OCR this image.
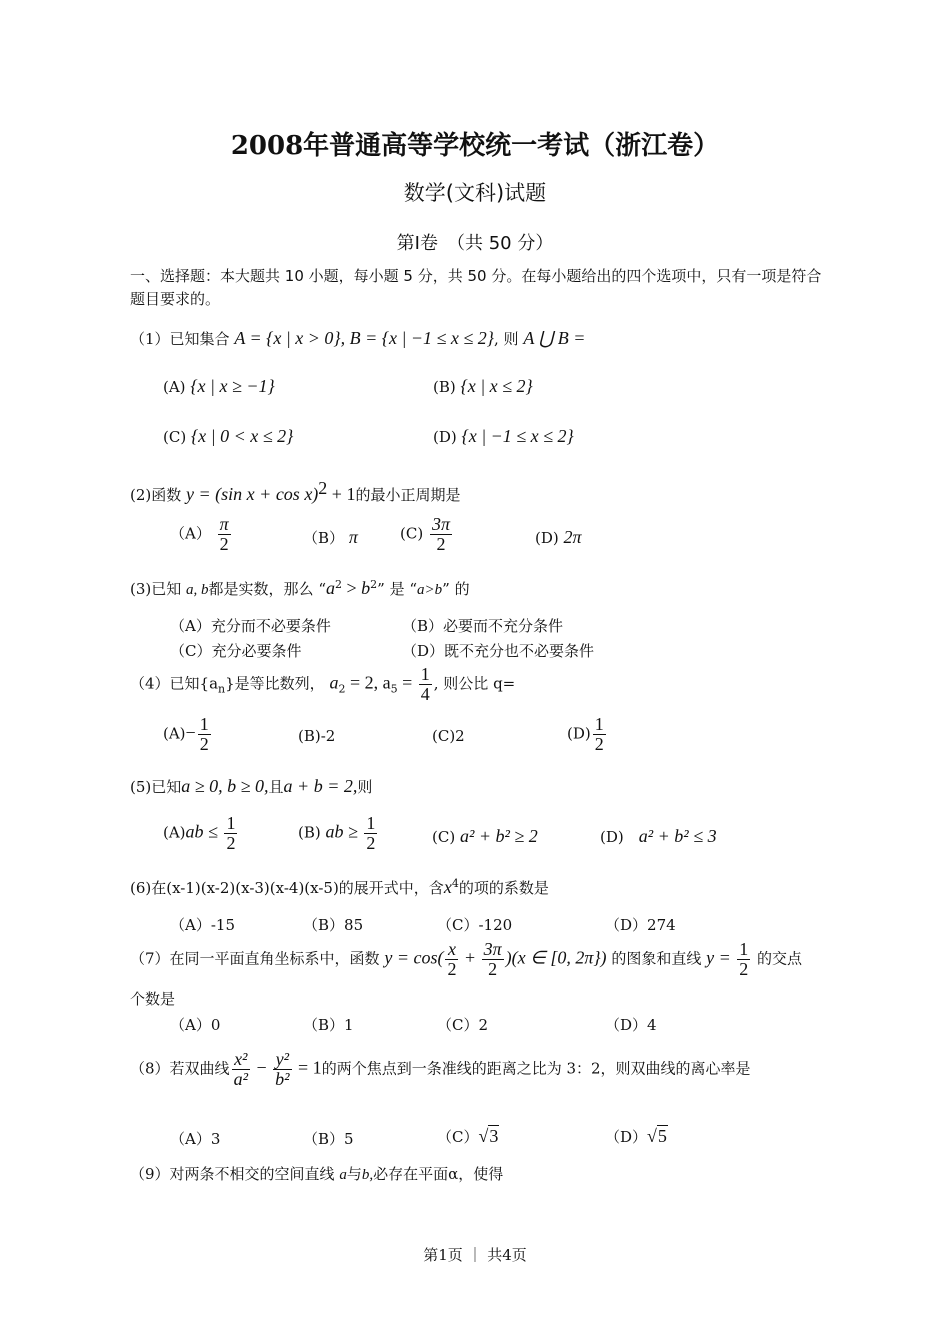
2008年普通高等学校统一考试（浙江卷）
数学(文科)试题
第Ⅰ卷　（共 50 分）
一、选择题：本大题共 10 小题，每小题 5 分，共 50 分。在每小题给出的四个选项中，只有一项是符合题目要求的。
（1）已知集合 A = {x | x > 0}, B = {x | −1 ≤ x ≤ 2}, 则 A ⋃ B =
(A) {x | x ≥ −1}	(B) {x | x ≤ 2}
(C) {x | 0 < x ≤ 2}	(D) {x | −1 ≤ x ≤ 2}
(2)函数 y = (sin x + cos x)$^2$ + 1的最小正周期是
$(A) \frac{\pi}{2}$	（B） π	$(C) \frac{3\pi}{2}$	(D) 2π
(3)已知 a, b都是实数，那么 “$a^2 > b^2$” 是 “a>b” 的
（A）充分而不必要条件	（B）必要而不充分条件
（C）充分必要条件	（D）既不充分也不必要条件
（4）已知$\{a_n\}$是等比数列， $a_2 = 2$, $a_5 = \frac{1}{4}$ , 则公比 q=
$(A)- \frac{1}{2}$	(B)-2	(C)2	$(D) \frac{1}{2}$
(5)已知a ≥ 0, b ≥ 0,且a + b = 2,则
$(A)ab \le \frac{1}{2}$	(B) ab ≥ $\frac{1}{2}$	(C) a² + b² ≥ 2	(D)　 a² + b² ≤ 3
(6)在(x-1)(x-2)(x-3)(x-4)(x-5)的展开式中，含$x^4$的项的系数是
（A）-15	（B）85	（C）-120	（D）274
（7）在同一平面直角坐标系中，函数 $y = \cos( \frac{x}{2} + \frac{3\pi}{2} )(x$ ∈ [0, 2π}) 的图象和直线 $y = \frac{1}{2}$ 的交点
个数是
（A）0	（B）1	（C）2	（D）4
（8）若双曲线 $\frac{\text{x²}}{\text{a²}} - \frac{\text{y²}}{\text{b²}} = 1$的两个焦点到一条准线的距离之比为 3：2，则双曲线的离心率是
（A）3	（B）5	（C）√3	（D）√5
（9）对两条不相交的空间直线 a与b,必存在平面α，使得
第1页 ｜ 共4页
